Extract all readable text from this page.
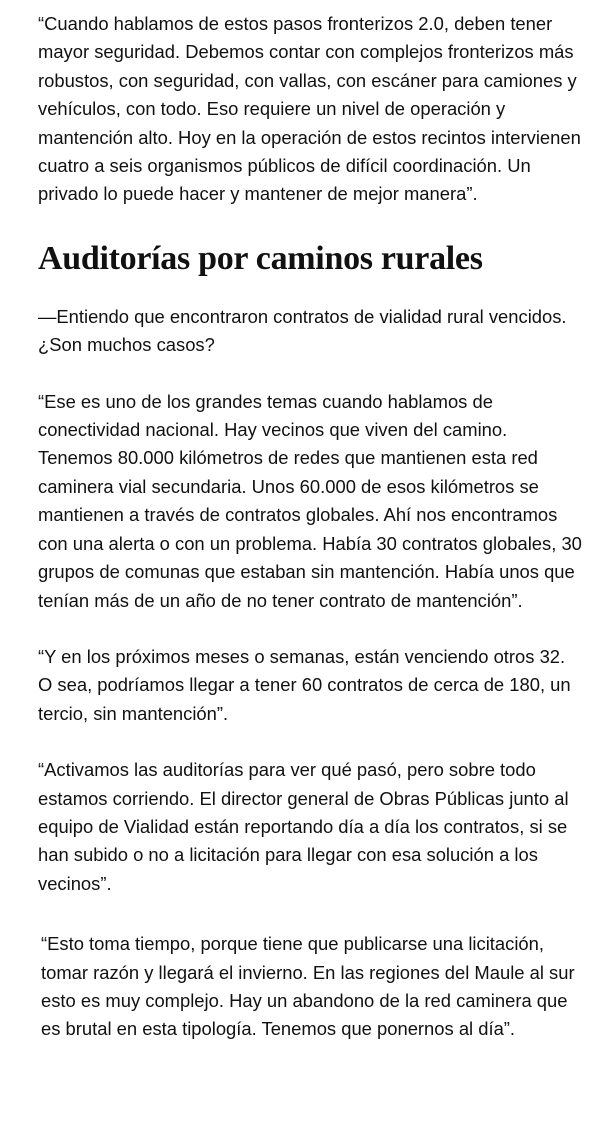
“Cuando hablamos de estos pasos fronterizos 2.0, deben tener mayor seguridad. Debemos contar con complejos fronterizos más robustos, con seguridad, con vallas, con escáner para camiones y vehículos, con todo. Eso requiere un nivel de operación y mantención alto. Hoy en la operación de estos recintos intervienen cuatro a seis organismos públicos de difícil coordinación. Un privado lo puede hacer y mantener de mejor manera”.

Auditorías por caminos rurales

—Entiendo que encontraron contratos de vialidad rural vencidos. ¿Son muchos casos?

“Ese es uno de los grandes temas cuando hablamos de conectividad nacional. Hay vecinos que viven del camino. Tenemos 80.000 kilómetros de redes que mantienen esta red caminera vial secundaria. Unos 60.000 de esos kilómetros se mantienen a través de contratos globales. Ahí nos encontramos con una alerta o con un problema. Había 30 contratos globales, 30 grupos de comunas que estaban sin mantención. Había unos que tenían más de un año de no tener contrato de mantención”.

“Y en los próximos meses o semanas, están venciendo otros 32. O sea, podríamos llegar a tener 60 contratos de cerca de 180, un tercio, sin mantención”.

“Activamos las auditorías para ver qué pasó, pero sobre todo estamos corriendo. El director general de Obras Públicas junto al equipo de Vialidad están reportando día a día los contratos, si se han subido o no a licitación para llegar con esa solución a los vecinos”.

“Esto toma tiempo, porque tiene que publicarse una licitación, tomar razón y llegará el invierno. En las regiones del Maule al sur esto es muy complejo. Hay un abandono de la red caminera que es brutal en esta tipología. Tenemos que ponernos al día”.
